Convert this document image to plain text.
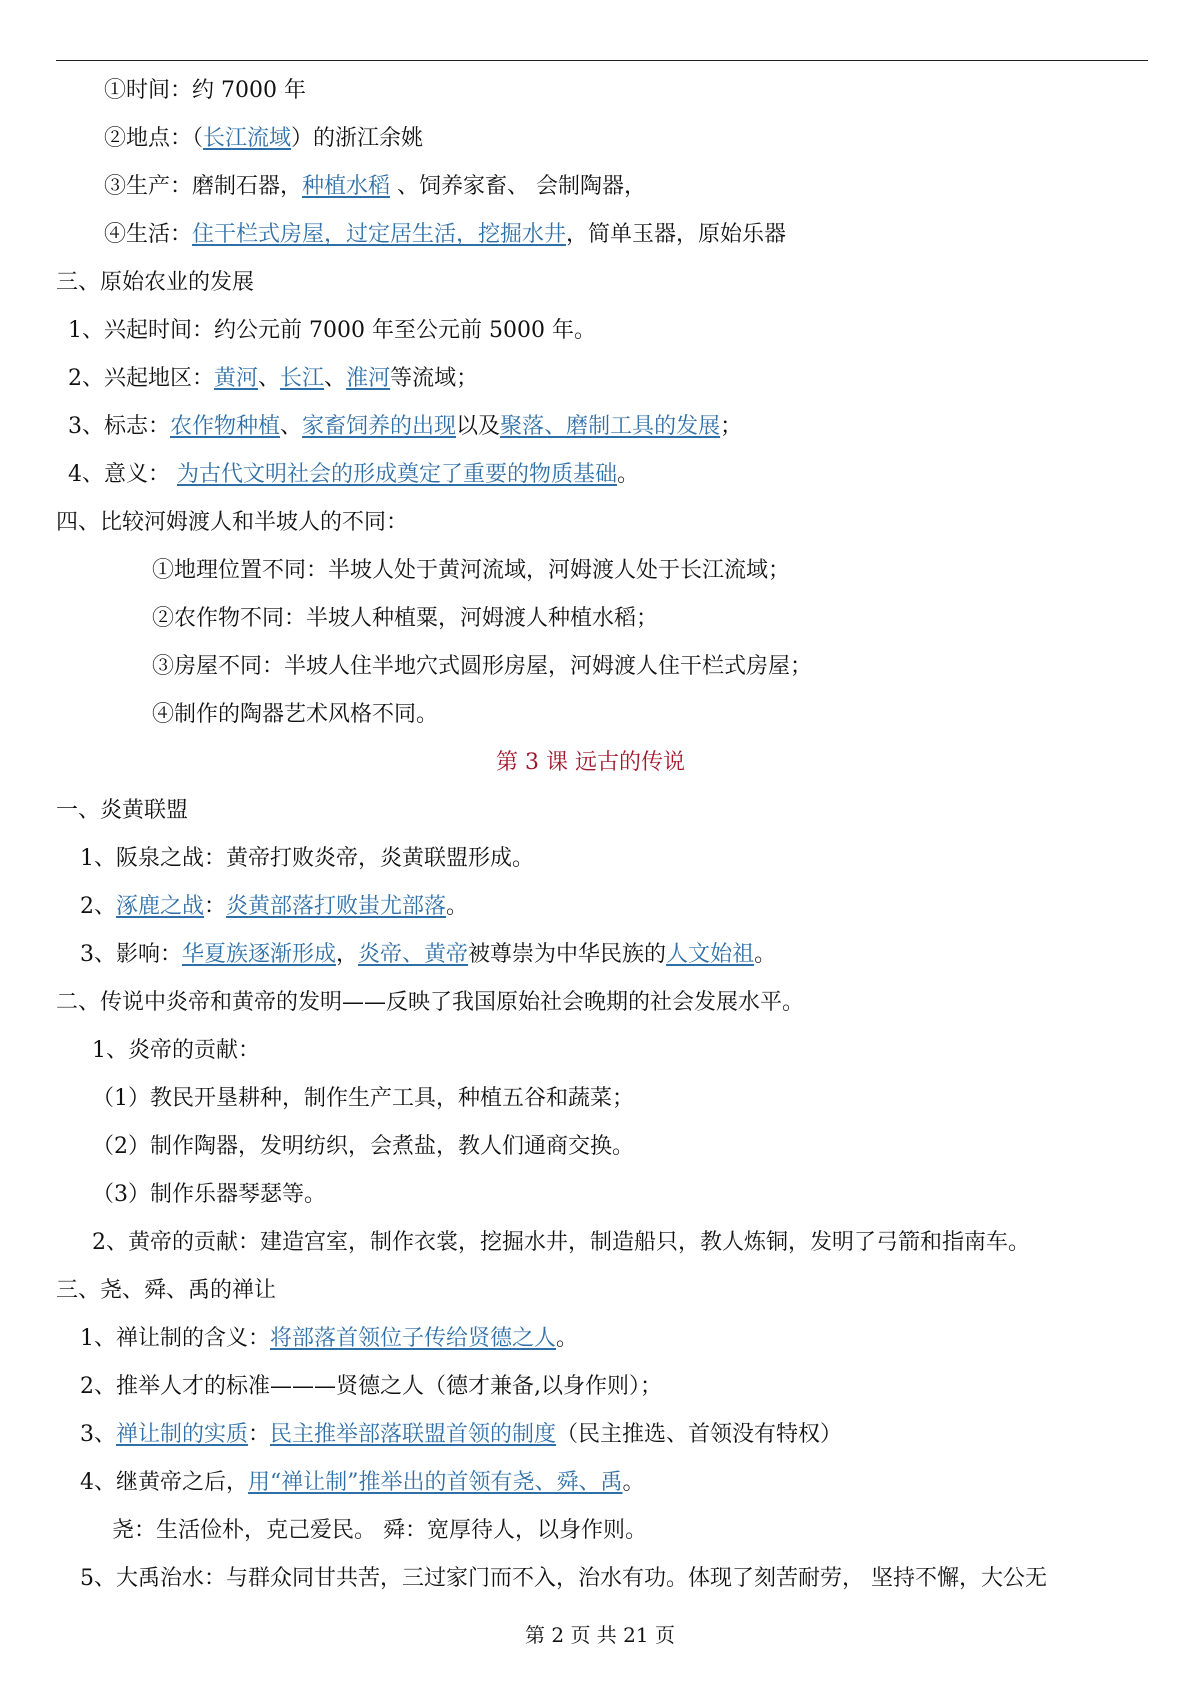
①时间：约 7000 年
②地点：（长江流域）的浙江余姚
③生产：磨制石器，种植水稻 、饲养家畜、 会制陶器，
④生活：住干栏式房屋，过定居生活，挖掘水井，简单玉器，原始乐器
三、原始农业的发展
1、兴起时间：约公元前 7000 年至公元前 5000 年。
2、兴起地区：黄河、长江、淮河等流域；
3、标志：农作物种植、家畜饲养的出现以及聚落、磨制工具的发展；
4、意义： 为古代文明社会的形成奠定了重要的物质基础。
四、比较河姆渡人和半坡人的不同：
①地理位置不同：半坡人处于黄河流域，河姆渡人处于长江流域；
②农作物不同：半坡人种植粟，河姆渡人种植水稻；
③房屋不同：半坡人住半地穴式圆形房屋，河姆渡人住干栏式房屋；
④制作的陶器艺术风格不同。
第 3 课 远古的传说
一、炎黄联盟
1、阪泉之战：黄帝打败炎帝，炎黄联盟形成。
2、涿鹿之战：炎黄部落打败蚩尤部落。
3、影响：华夏族逐渐形成，炎帝、黄帝被尊崇为中华民族的人文始祖。
二、传说中炎帝和黄帝的发明——反映了我国原始社会晚期的社会发展水平。
1、炎帝的贡献：
（1）教民开垦耕种，制作生产工具，种植五谷和蔬菜；
（2）制作陶器，发明纺织，会煮盐，教人们通商交换。
（3）制作乐器琴瑟等。
2、黄帝的贡献：建造宫室，制作衣裳，挖掘水井，制造船只，教人炼铜，发明了弓箭和指南车。
三、尧、舜、禹的禅让
1、禅让制的含义：将部落首领位子传给贤德之人。
2、推举人才的标准———贤德之人（德才兼备,以身作则）；
3、禅让制的实质：民主推举部落联盟首领的制度（民主推选、首领没有特权）
4、继黄帝之后，用“禅让制”推举出的首领有尧、舜、禹。
尧：生活俭朴，克己爱民。 舜：宽厚待人，以身作则。
5、大禹治水：与群众同甘共苦，三过家门而不入，治水有功。体现了刻苦耐劳， 坚持不懈，大公无
第 2 页 共 21 页
